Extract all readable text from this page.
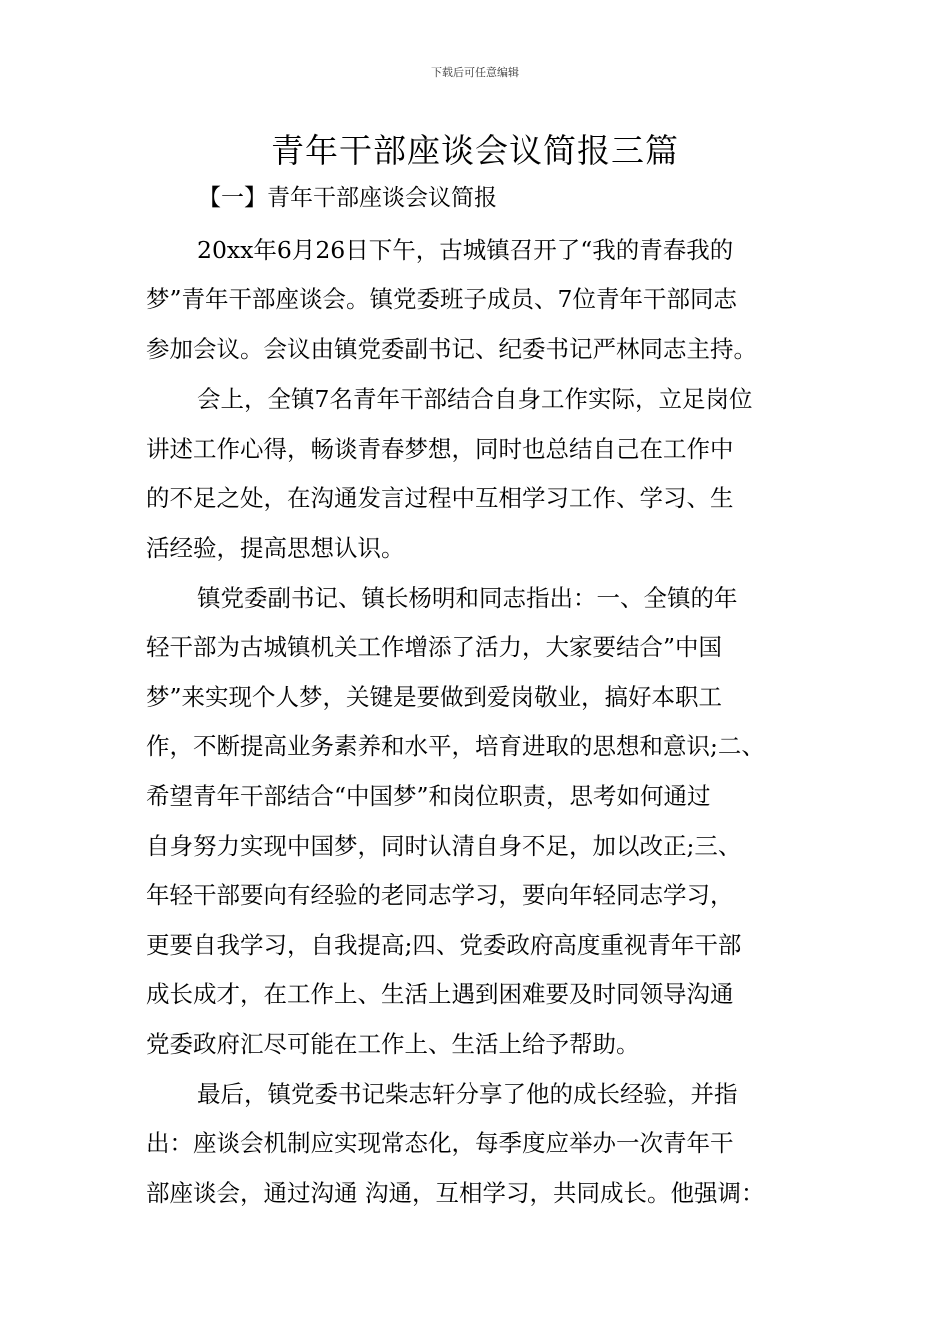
下载后可任意编辑
青年干部座谈会议简报三篇
【一】青年干部座谈会议简报
20xx年6月26日下午，古城镇召开了“我的青春我的
梦”青年干部座谈会。镇党委班子成员、7位青年干部同志
参加会议。会议由镇党委副书记、纪委书记严林同志主持。
会上，全镇7名青年干部结合自身工作实际，立足岗位
讲述工作心得，畅谈青春梦想，同时也总结自己在工作中
的不足之处，在沟通发言过程中互相学习工作、学习、生
活经验，提高思想认识。
镇党委副书记、镇长杨明和同志指出：一、全镇的年
轻干部为古城镇机关工作增添了活力，大家要结合”中国
梦”来实现个人梦，关键是要做到爱岗敬业，搞好本职工
作，不断提高业务素养和水平，培育进取的思想和意识;二、
希望青年干部结合“中国梦”和岗位职责，思考如何通过
自身努力实现中国梦，同时认清自身不足，加以改正;三、
年轻干部要向有经验的老同志学习，要向年轻同志学习，
更要自我学习，自我提高;四、党委政府高度重视青年干部
成长成才，在工作上、生活上遇到困难要及时同领导沟通
党委政府汇尽可能在工作上、生活上给予帮助。
最后，镇党委书记柴志轩分享了他的成长经验，并指
出：座谈会机制应实现常态化，每季度应举办一次青年干
部座谈会，通过沟通 沟通，互相学习，共同成长。他强调：
